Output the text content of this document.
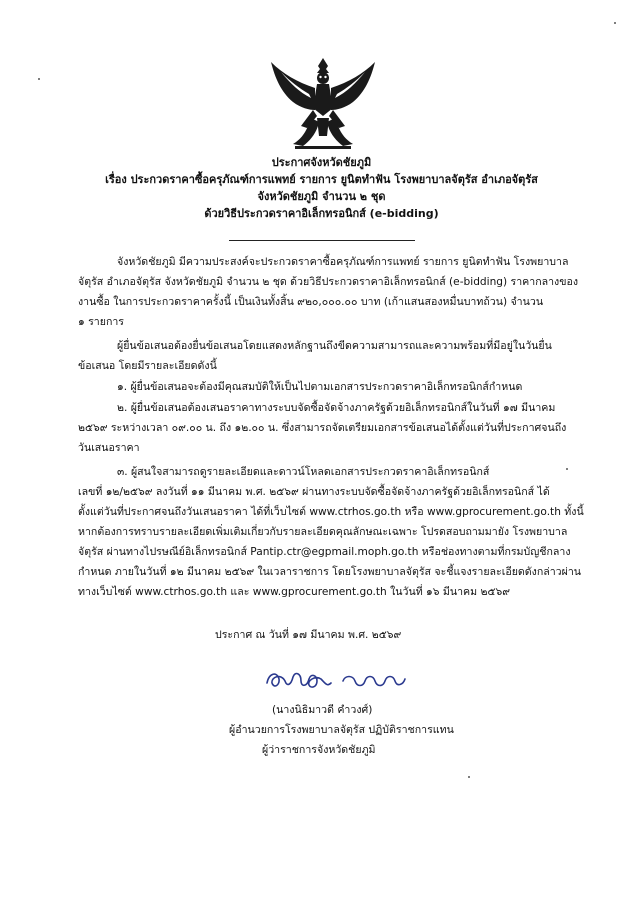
ประกาศจังหวัดชัยภูมิ
เรื่อง ประกวดราคาซื้อครุภัณฑ์การแพทย์ รายการ ยูนิตทำฟัน โรงพยาบาลจัตุรัส อำเภอจัตุรัส
จังหวัดชัยภูมิ จำนวน ๒ ชุด
ด้วยวิธีประกวดราคาอิเล็กทรอนิกส์ (e-bidding)
จังหวัดชัยภูมิ มีความประสงค์จะประกวดราคาซื้อครุภัณฑ์การแพทย์ รายการ ยูนิตทำฟัน โรงพยาบาล
จัตุรัส อำเภอจัตุรัส จังหวัดชัยภูมิ จำนวน ๒ ชุด ด้วยวิธีประกวดราคาอิเล็กทรอนิกส์ (e-bidding) ราคากลางของ
งานซื้อ ในการประกวดราคาครั้งนี้ เป็นเงินทั้งสิ้น ๙๒๐,๐๐๐.๐๐ บาท (เก้าแสนสองหมื่นบาทถ้วน) จำนวน
๑ รายการ
ผู้ยื่นข้อเสนอต้องยื่นข้อเสนอโดยแสดงหลักฐานถึงขีดความสามารถและความพร้อมที่มีอยู่ในวันยื่น
ข้อเสนอ โดยมีรายละเอียดดังนี้
๑. ผู้ยื่นข้อเสนอจะต้องมีคุณสมบัติให้เป็นไปตามเอกสารประกวดราคาอิเล็กทรอนิกส์กำหนด
๒. ผู้ยื่นข้อเสนอต้องเสนอราคาทางระบบจัดซื้อจัดจ้างภาครัฐด้วยอิเล็กทรอนิกส์ในวันที่ ๑๗ มีนาคม
๒๕๖๙ ระหว่างเวลา ๐๙.๐๐ น. ถึง ๑๒.๐๐ น. ซึ่งสามารถจัดเตรียมเอกสารข้อเสนอได้ตั้งแต่วันที่ประกาศจนถึง
วันเสนอราคา
๓. ผู้สนใจสามารถดูรายละเอียดและดาวน์โหลดเอกสารประกวดราคาอิเล็กทรอนิกส์
เลขที่ ๑๒/๒๕๖๙ ลงวันที่ ๑๑ มีนาคม พ.ศ. ๒๕๖๙ ผ่านทางระบบจัดซื้อจัดจ้างภาครัฐด้วยอิเล็กทรอนิกส์ ได้
ตั้งแต่วันที่ประกาศจนถึงวันเสนอราคา ได้ที่เว็บไซต์ www.ctrhos.go.th หรือ www.gprocurement.go.th ทั้งนี้
หากต้องการทราบรายละเอียดเพิ่มเติมเกี่ยวกับรายละเอียดคุณลักษณะเฉพาะ โปรดสอบถามมายัง โรงพยาบาล
จัตุรัส ผ่านทางไปรษณีย์อิเล็กทรอนิกส์ Pantip.ctr@egpmail.moph.go.th หรือช่องทางตามที่กรมบัญชีกลาง
กำหนด ภายในวันที่ ๑๒ มีนาคม ๒๕๖๙ ในเวลาราชการ โดยโรงพยาบาลจัตุรัส จะชี้แจงรายละเอียดดังกล่าวผ่าน
ทางเว็บไซต์ www.ctrhos.go.th และ www.gprocurement.go.th ในวันที่ ๑๖ มีนาคม ๒๕๖๙
ประกาศ ณ วันที่ ๑๗ มีนาคม พ.ศ. ๒๕๖๙
(นางนิธิมาวดี คำวงศ์)
ผู้อำนวยการโรงพยาบาลจัตุรัส ปฏิบัติราชการแทน
ผู้ว่าราชการจังหวัดชัยภูมิ
